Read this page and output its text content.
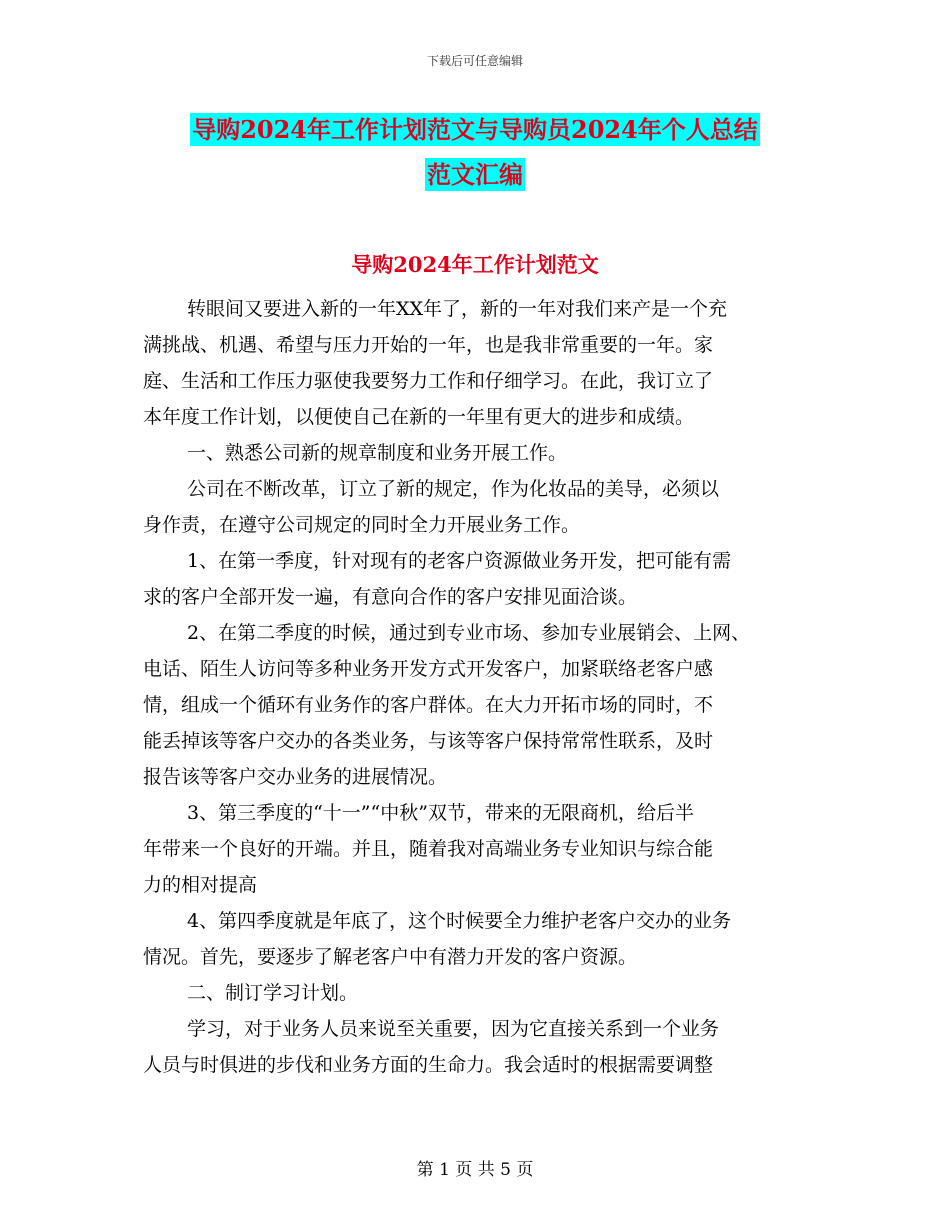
下载后可任意编辑
导购2024年工作计划范文与导购员2024年个人总结
范文汇编
导购2024年工作计划范文
转眼间又要进入新的一年XX年了，新的一年对我们来产是一个充
满挑战、机遇、希望与压力开始的一年，也是我非常重要的一年。家
庭、生活和工作压力驱使我要努力工作和仔细学习。在此，我订立了
本年度工作计划，以便使自己在新的一年里有更大的进步和成绩。
一、熟悉公司新的规章制度和业务开展工作。
公司在不断改革，订立了新的规定，作为化妆品的美导，必须以
身作责，在遵守公司规定的同时全力开展业务工作。
1、在第一季度，针对现有的老客户资源做业务开发，把可能有需
求的客户全部开发一遍，有意向合作的客户安排见面洽谈。
2、在第二季度的时候，通过到专业市场、参加专业展销会、上网、
电话、陌生人访问等多种业务开发方式开发客户，加紧联络老客户感
情，组成一个循环有业务作的客户群体。在大力开拓市场的同时，不
能丢掉该等客户交办的各类业务，与该等客户保持常常性联系，及时
报告该等客户交办业务的进展情况。
3、第三季度的“十一”“中秋”双节，带来的无限商机，给后半
年带来一个良好的开端。并且，随着我对高端业务专业知识与综合能
力的相对提高
4、第四季度就是年底了，这个时候要全力维护老客户交办的业务
情况。首先，要逐步了解老客户中有潜力开发的客户资源。
二、制订学习计划。
学习，对于业务人员来说至关重要，因为它直接关系到一个业务
人员与时俱进的步伐和业务方面的生命力。我会适时的根据需要调整
第 1 页 共 5 页
